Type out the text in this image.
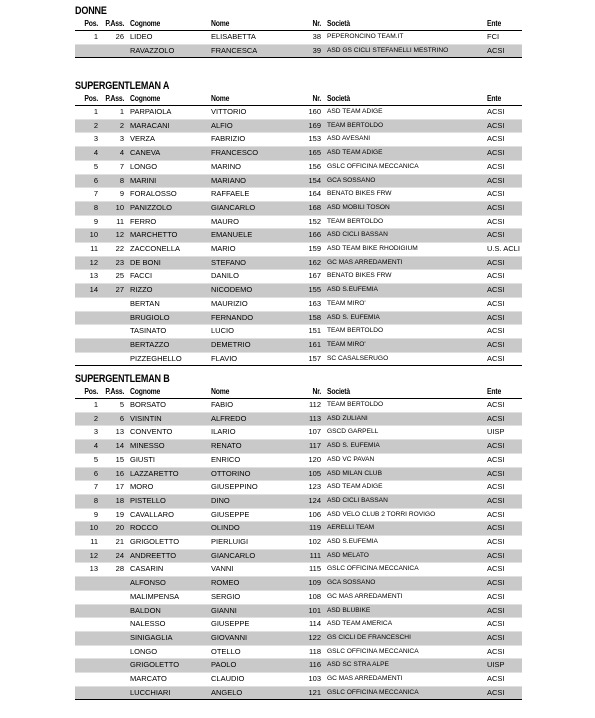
DONNE
Pos.	P.Ass.	Cognome	Nome	Nr.	Società	Ente
1	26	LIDEO	ELISABETTA	38	PEPERONCINO TEAM.IT	FCI
		RAVAZZOLO	FRANCESCA	39	ASD GS CICLI STEFANELLI MESTRINO	ACSI
SUPERGENTLEMAN A
Pos.	P.Ass.	Cognome	Nome	Nr.	Società	Ente
1	1	PARPAIOLA	VITTORIO	160	ASD TEAM ADIGE	ACSI
2	2	MARACANI	ALFIO	169	TEAM BERTOLDO	ACSI
3	3	VERZA	FABRIZIO	153	ASD AVESANI	ACSI
4	4	CANEVA	FRANCESCO	165	ASD TEAM ADIGE	ACSI
5	7	LONGO	MARINO	156	GSLC OFFICINA MECCANICA	ACSI
6	8	MARINI	MARIANO	154	GCA SOSSANO	ACSI
7	9	FORALOSSO	RAFFAELE	164	BENATO BIKES FRW	ACSI
8	10	PANIZZOLO	GIANCARLO	168	ASD MOBILI TOSON	ACSI
9	11	FERRO	MAURO	152	TEAM BERTOLDO	ACSI
10	12	MARCHETTO	EMANUELE	166	ASD CICLI BASSAN	ACSI
11	22	ZACCONELLA	MARIO	159	ASD TEAM BIKE RHODIGIUM	U.S. ACLI
12	23	DE BONI	STEFANO	162	GC MAS ARREDAMENTI	ACSI
13	25	FACCI	DANILO	167	BENATO BIKES FRW	ACSI
14	27	RIZZO	NICODEMO	155	ASD S.EUFEMIA	ACSI
		BERTAN	MAURIZIO	163	TEAM MIRO'	ACSI
		BRUGIOLO	FERNANDO	158	ASD S. EUFEMIA	ACSI
		TASINATO	LUCIO	151	TEAM BERTOLDO	ACSI
		BERTAZZO	DEMETRIO	161	TEAM MIRO'	ACSI
		PIZZEGHELLO	FLAVIO	157	SC CASALSERUGO	ACSI
SUPERGENTLEMAN B
Pos.	P.Ass.	Cognome	Nome	Nr.	Società	Ente
1	5	BORSATO	FABIO	112	TEAM BERTOLDO	ACSI
2	6	VISINTIN	ALFREDO	113	ASD ZULIANI	ACSI
3	13	CONVENTO	ILARIO	107	GSCD GARPELL	UISP
4	14	MINESSO	RENATO	117	ASD S. EUFEMIA	ACSI
5	15	GIUSTI	ENRICO	120	ASD VC PAVAN	ACSI
6	16	LAZZARETTO	OTTORINO	105	ASD MILAN CLUB	ACSI
7	17	MORO	GIUSEPPINO	123	ASD TEAM ADIGE	ACSI
8	18	PISTELLO	DINO	124	ASD CICLI BASSAN	ACSI
9	19	CAVALLARO	GIUSEPPE	106	ASD VELO CLUB 2 TORRI ROVIGO	ACSI
10	20	ROCCO	OLINDO	119	AERELLI TEAM	ACSI
11	21	GRIGOLETTO	PIERLUIGI	102	ASD S.EUFEMIA	ACSI
12	24	ANDREETTO	GIANCARLO	111	ASD MELATO	ACSI
13	28	CASARIN	VANNI	115	GSLC OFFICINA MECCANICA	ACSI
		ALFONSO	ROMEO	109	GCA SOSSANO	ACSI
		MALIMPENSA	SERGIO	108	GC MAS ARREDAMENTI	ACSI
		BALDON	GIANNI	101	ASD BLUBIKE	ACSI
		NALESSO	GIUSEPPE	114	ASD TEAM AMERICA	ACSI
		SINIGAGLIA	GIOVANNI	122	GS CICLI DE FRANCESCHI	ACSI
		LONGO	OTELLO	118	GSLC OFFICINA MECCANICA	ACSI
		GRIGOLETTO	PAOLO	116	ASD SC STRA ALPE	UISP
		MARCATO	CLAUDIO	103	GC MAS ARREDAMENTI	ACSI
		LUCCHIARI	ANGELO	121	GSLC OFFICINA MECCANICA	ACSI
